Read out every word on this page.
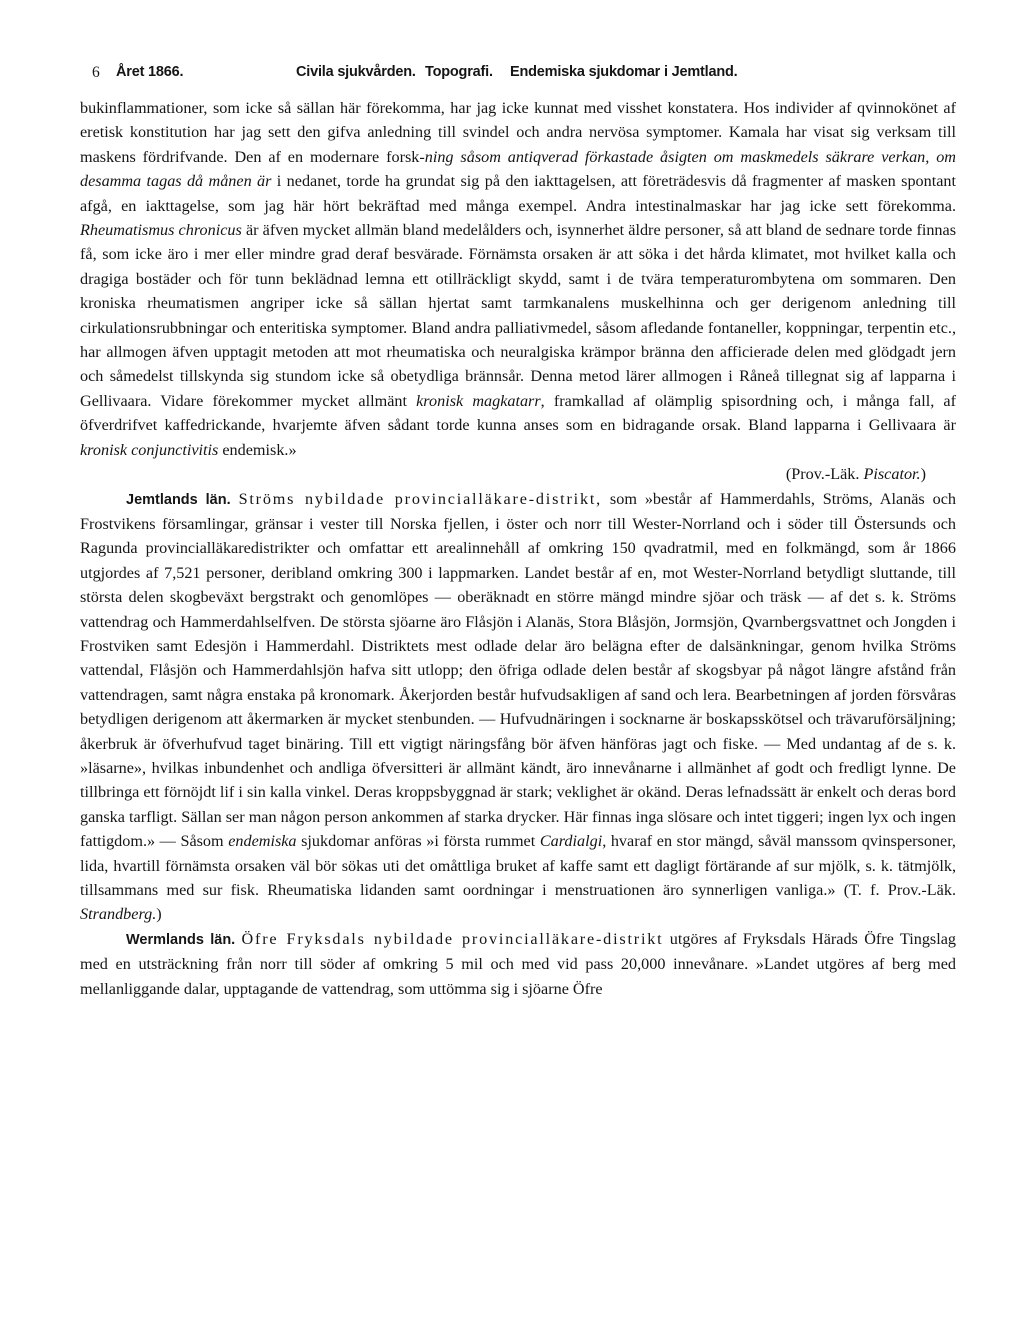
6 Året 1866.	Civila sjukvården. Topografi. Endemiska sjukdomar i Jemtland.

bukinflammationer, som icke så sällan här förekomma, har jag icke kunnat med visshet konstatera. Hos individer af qvinnokönet af eretisk konstitution har jag sett den gifva anledning till svindel och andra nervösa symptomer. Kamala har visat sig verksam till maskens fördrifvande. Den af en modernare forsk-ning såsom antiqverad förkastade åsigten om maskmedels säkrare verkan, om desamma tagas då månen är i nedanet, torde ha grundat sig på den iakttagelsen, att företrädesvis då fragmenter af masken spontant afgå, en iakttagelse, som jag här hört bekräftad med många exempel. Andra intestinalmaskar har jag icke sett förekomma. Rheumatismus chronicus är äfven mycket allmän bland medelålders och, isynnerhet äldre personer, så att bland de sednare torde finnas få, som icke äro i mer eller mindre grad deraf besvärade. Förnämsta orsaken är att söka i det hårda klimatet, mot hvilket kalla och dragiga bostäder och för tunn beklädnad lemna ett otillräckligt skydd, samt i de tvära temperaturombytena om sommaren. Den kroniska rheumatismen angriper icke så sällan hjertat samt tarmkanalens muskelhinna och ger derigenom anledning till cirkulationsrubbningar och enteritiska symptomer. Bland andra palliativmedel, såsom afledande fontaneller, koppningar, terpentin etc., har allmogen äfven upptagit metoden att mot rheumatiska och neuralgiska krämpor bränna den afficierade delen med glödgadt jern och såmedelst tillskynda sig stundom icke så obetydliga brännsår. Denna metod lärer allmogen i Råneå tillegnat sig af lapparna i Gellivaara. Vidare förekommer mycket allmänt kronisk magkatarr, framkallad af olämplig spisordning och, i många fall, af öfverdrifvet kaffedrickande, hvarjemte äfven sådant torde kunna anses som en bidragande orsak. Bland lapparna i Gellivaara är kronisk conjunctivitis endemisk.»

(Prov.-Läk. Piscator.)

Jemtlands län. Ströms nybildade provincialläkare-distrikt, som »består af Hammerdahls, Ströms, Alanäs och Frostvikens församlingar, gränsar i vester till Norska fjellen, i öster och norr till Wester-Norrland och i söder till Östersunds och Ragunda provincialläkaredistrikter och omfattar ett arealinnehåll af omkring 150 qvadratmil, med en folkmängd, som år 1866 utgjordes af 7,521 personer, deribland omkring 300 i lappmarken. Landet består af en, mot Wester-Norrland betydligt sluttande, till största delen skogbeväxt bergstrakt och genomlöpes — oberäknadt en större mängd mindre sjöar och träsk — af det s. k. Ströms vattendrag och Hammerdahlselfven. De största sjöarne äro Flåsjön i Alanäs, Stora Blåsjön, Jormsjön, Qvarnbergsvattnet och Jongden i Frostviken samt Edesjön i Hammerdahl. Distriktets mest odlade delar äro belägna efter de dalsänkningar, genom hvilka Ströms vattendal, Flåsjön och Hammerdahlsjön hafva sitt utlopp; den öfriga odlade delen består af skogsbyar på något längre afstånd från vattendragen, samt några enstaka på kronomark. Åkerjorden består hufvudsakligen af sand och lera. Bearbetningen af jorden försvåras betydligen derigenom att åkermarken är mycket stenbunden. — Hufvudnäringen i socknarne är boskapsskötsel och trävaruförsäljning; åkerbruk är öfverhufvud taget binäring. Till ett vigtigt näringsfång bör äfven hänföras jagt och fiske. — Med undantag af de s. k. »läsarne», hvilkas inbundenhet och andliga öfversitteri är allmänt kändt, äro innevånarne i allmänhet af godt och fredligt lynne. De tillbringa ett förnöjdt lif i sin kalla vinkel. Deras kroppsbyggnad är stark; veklighet är okänd. Deras lefnadssätt är enkelt och deras bord ganska tarfligt. Sällan ser man någon person ankommen af starka drycker. Här finnas inga slösare och intet tiggeri; ingen lyx och ingen fattigdom.» — Såsom endemiska sjukdomar anföras »i första rummet Cardialgi, hvaraf en stor mängd, såväl manssom qvinspersoner, lida, hvartill förnämsta orsaken väl bör sökas uti det omåttliga bruket af kaffe samt ett dagligt förtärande af sur mjölk, s. k. tätmjölk, tillsammans med sur fisk. Rheumatiska lidanden samt oordningar i menstruationen äro synnerligen vanliga.» (T. f. Prov.-Läk. Strandberg.)

Wermlands län. Öfre Fryksdals nybildade provincialläkare-distrikt utgöres af Fryksdals Härads Öfre Tingslag med en utsträckning från norr till söder af omkring 5 mil och med vid pass 20,000 innevånare. »Landet utgöres af berg med mellanliggande dalar, upptagande de vattendrag, som uttömma sig i sjöarne Öfre
